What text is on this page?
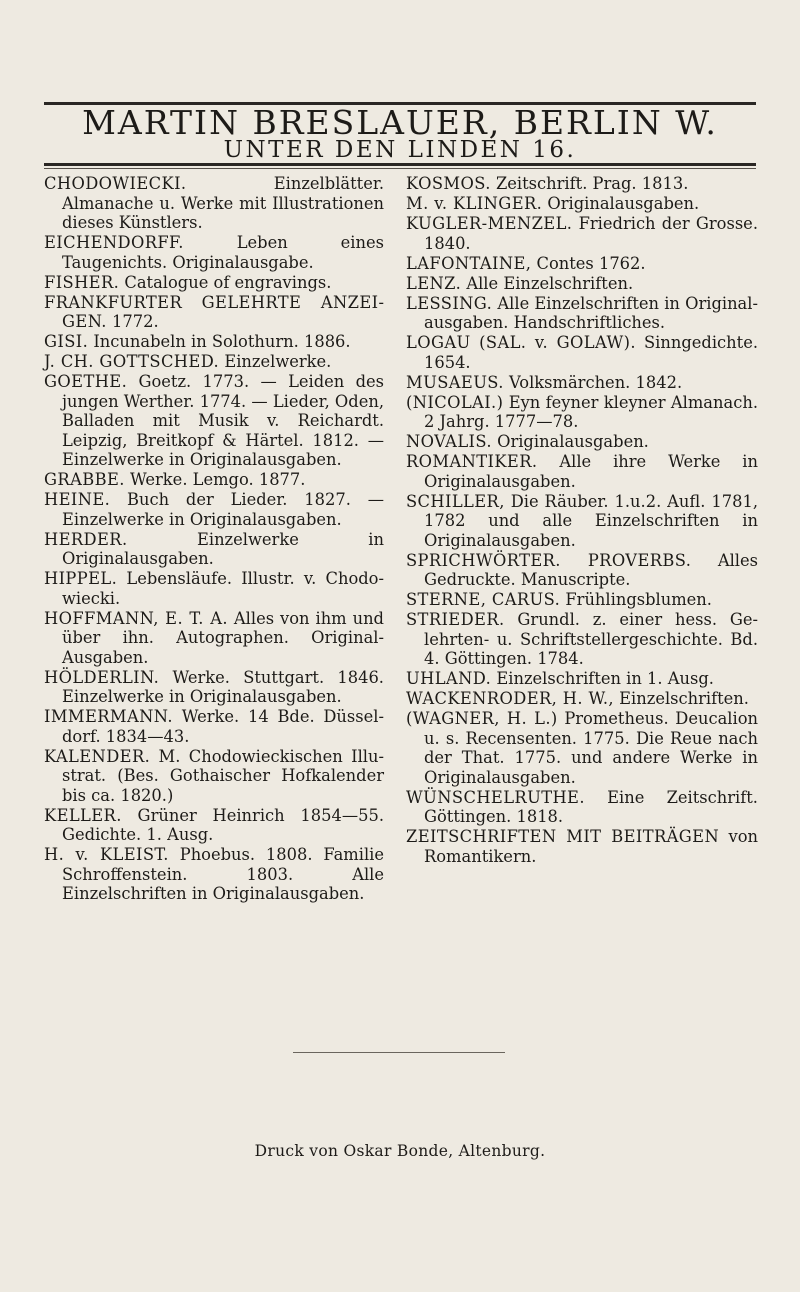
MARTIN BRESLAUER, BERLIN W.
UNTER DEN LINDEN 16.

CHODOWIECKI. Einzelblätter. Almanache u. Werke mit Illustrationen dieses Künstlers.

EICHENDORFF. Leben eines Taugenichts. Originalausgabe.

FISHER. Catalogue of engravings.

FRANKFURTER GELEHRTE ANZEIGEN. 1772.

GISI. Incunabeln in Solothurn. 1886.

J. CH. GOTTSCHED. Einzelwerke.

GOETHE. Goetz. 1773. — Leiden des jungen Werther. 1774. — Lieder, Oden, Balladen mit Musik v. Reichardt. Leipzig, Breitkopf & Härtel. 1812. — Einzelwerke in Originalausgaben.

GRABBE. Werke. Lemgo. 1877.

HEINE. Buch der Lieder. 1827. — Einzelwerke in Originalausgaben.

HERDER. Einzelwerke in Originalausgaben.

HIPPEL. Lebensläufe. Illustr. v. Chodowiecki.

HOFFMANN, E. T. A. Alles von ihm und über ihn. Autographen. Original-Ausgaben.

HÖLDERLIN. Werke. Stuttgart. 1846. Einzelwerke in Originalausgaben.

IMMERMANN. Werke. 14 Bde. Düsseldorf. 1834—43.

KALENDER. M. Chodowieckischen Illustrat. (Bes. Gothaischer Hofkalender bis ca. 1820.)

KELLER. Grüner Heinrich 1854—55. Gedichte. 1. Ausg.

H. v. KLEIST. Phoebus. 1808. Familie Schroffenstein. 1803. Alle Einzelschriften in Originalausgaben.

KOSMOS. Zeitschrift. Prag. 1813.

M. v. KLINGER. Originalausgaben.

KUGLER-MENZEL. Friedrich der Grosse. 1840.

LAFONTAINE, Contes 1762.

LENZ. Alle Einzelschriften.

LESSING. Alle Einzelschriften in Originalausgaben. Handschriftliches.

LOGAU (SAL. v. GOLAW). Sinngedichte. 1654.

MUSAEUS. Volksmärchen. 1842.

(NICOLAI.) Eyn feyner kleyner Almanach. 2 Jahrg. 1777—78.

NOVALIS. Originalausgaben.

ROMANTIKER. Alle ihre Werke in Originalausgaben.

SCHILLER, Die Räuber. 1.u.2. Aufl. 1781, 1782 und alle Einzelschriften in Originalausgaben.

SPRICHWÖRTER. PROVERBS. Alles Gedruckte. Manuscripte.

STERNE, CARUS. Frühlingsblumen.

STRIEDER. Grundl. z. einer hess. Gelehrten- u. Schriftstellergeschichte. Bd. 4. Göttingen. 1784.

UHLAND. Einzelschriften in 1. Ausg.

WACKENRODER, H. W., Einzelschriften.

(WAGNER, H. L.) Prometheus. Deucalion u. s. Recensenten. 1775. Die Reue nach der That. 1775. und andere Werke in Originalausgaben.

WÜNSCHELRUTHE. Eine Zeitschrift. Göttingen. 1818.

ZEITSCHRIFTEN MIT BEITRÄGEN von Romantikern.

Druck von Oskar Bonde, Altenburg.
